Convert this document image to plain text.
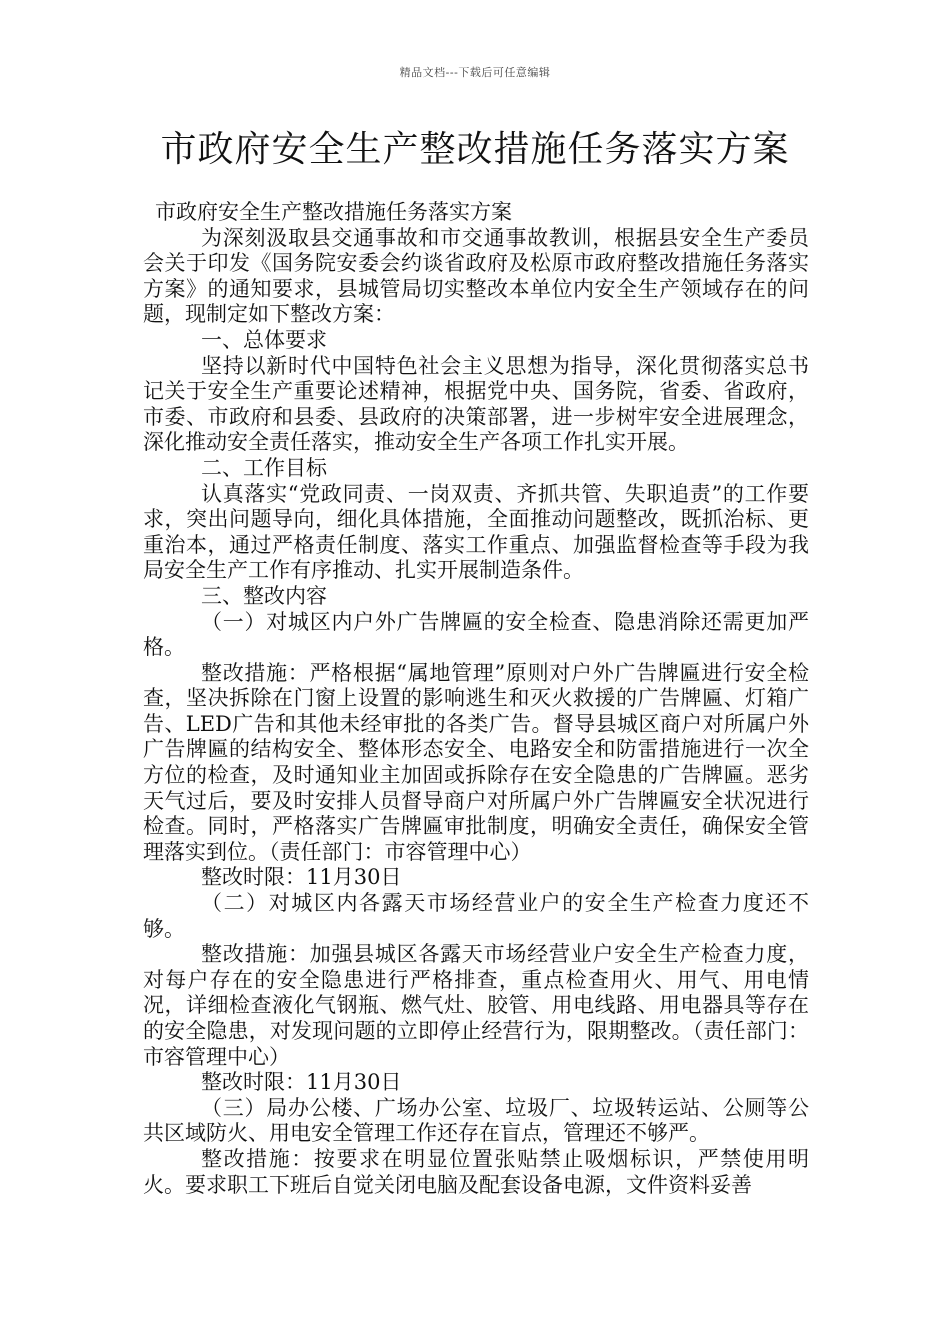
精品文档---下载后可任意编辑
市政府安全生产整改措施任务落实方案

市政府安全生产整改措施任务落实方案

为深刻汲取县交通事故和市交通事故教训，根据县安全生产委员会关于印发《国务院安委会约谈省政府及松原市政府整改措施任务落实方案》的通知要求，县城管局切实整改本单位内安全生产领域存在的问题，现制定如下整改方案：

一、总体要求

坚持以新时代中国特色社会主义思想为指导，深化贯彻落实总书记关于安全生产重要论述精神，根据党中央、国务院，省委、省政府，市委、市政府和县委、县政府的决策部署，进一步树牢安全进展理念，深化推动安全责任落实，推动安全生产各项工作扎实开展。

二、工作目标

认真落实“党政同责、一岗双责、齐抓共管、失职追责”的工作要求，突出问题导向，细化具体措施，全面推动问题整改，既抓治标、更重治本，通过严格责任制度、落实工作重点、加强监督检查等手段为我局安全生产工作有序推动、扎实开展制造条件。

三、整改内容

（一）对城区内户外广告牌匾的安全检查、隐患消除还需更加严格。

整改措施：严格根据“属地管理”原则对户外广告牌匾进行安全检查，坚决拆除在门窗上设置的影响逃生和灭火救援的广告牌匾、灯箱广告、LED广告和其他未经审批的各类广告。督导县城区商户对所属户外广告牌匾的结构安全、整体形态安全、电路安全和防雷措施进行一次全方位的检查，及时通知业主加固或拆除存在安全隐患的广告牌匾。恶劣天气过后，要及时安排人员督导商户对所属户外广告牌匾安全状况进行检查。同时，严格落实广告牌匾审批制度，明确安全责任，确保安全管理落实到位。（责任部门：市容管理中心）

整改时限：11月30日

（二）对城区内各露天市场经营业户的安全生产检查力度还不够。

整改措施：加强县城区各露天市场经营业户安全生产检查力度，对每户存在的安全隐患进行严格排查，重点检查用火、用气、用电情况，详细检查液化气钢瓶、燃气灶、胶管、用电线路、用电器具等存在的安全隐患，对发现问题的立即停止经营行为，限期整改。（责任部门：市容管理中心）

整改时限：11月30日

（三）局办公楼、广场办公室、垃圾厂、垃圾转运站、公厕等公共区域防火、用电安全管理工作还存在盲点，管理还不够严。

整改措施：按要求在明显位置张贴禁止吸烟标识，严禁使用明火。要求职工下班后自觉关闭电脑及配套设备电源，文件资料妥善
